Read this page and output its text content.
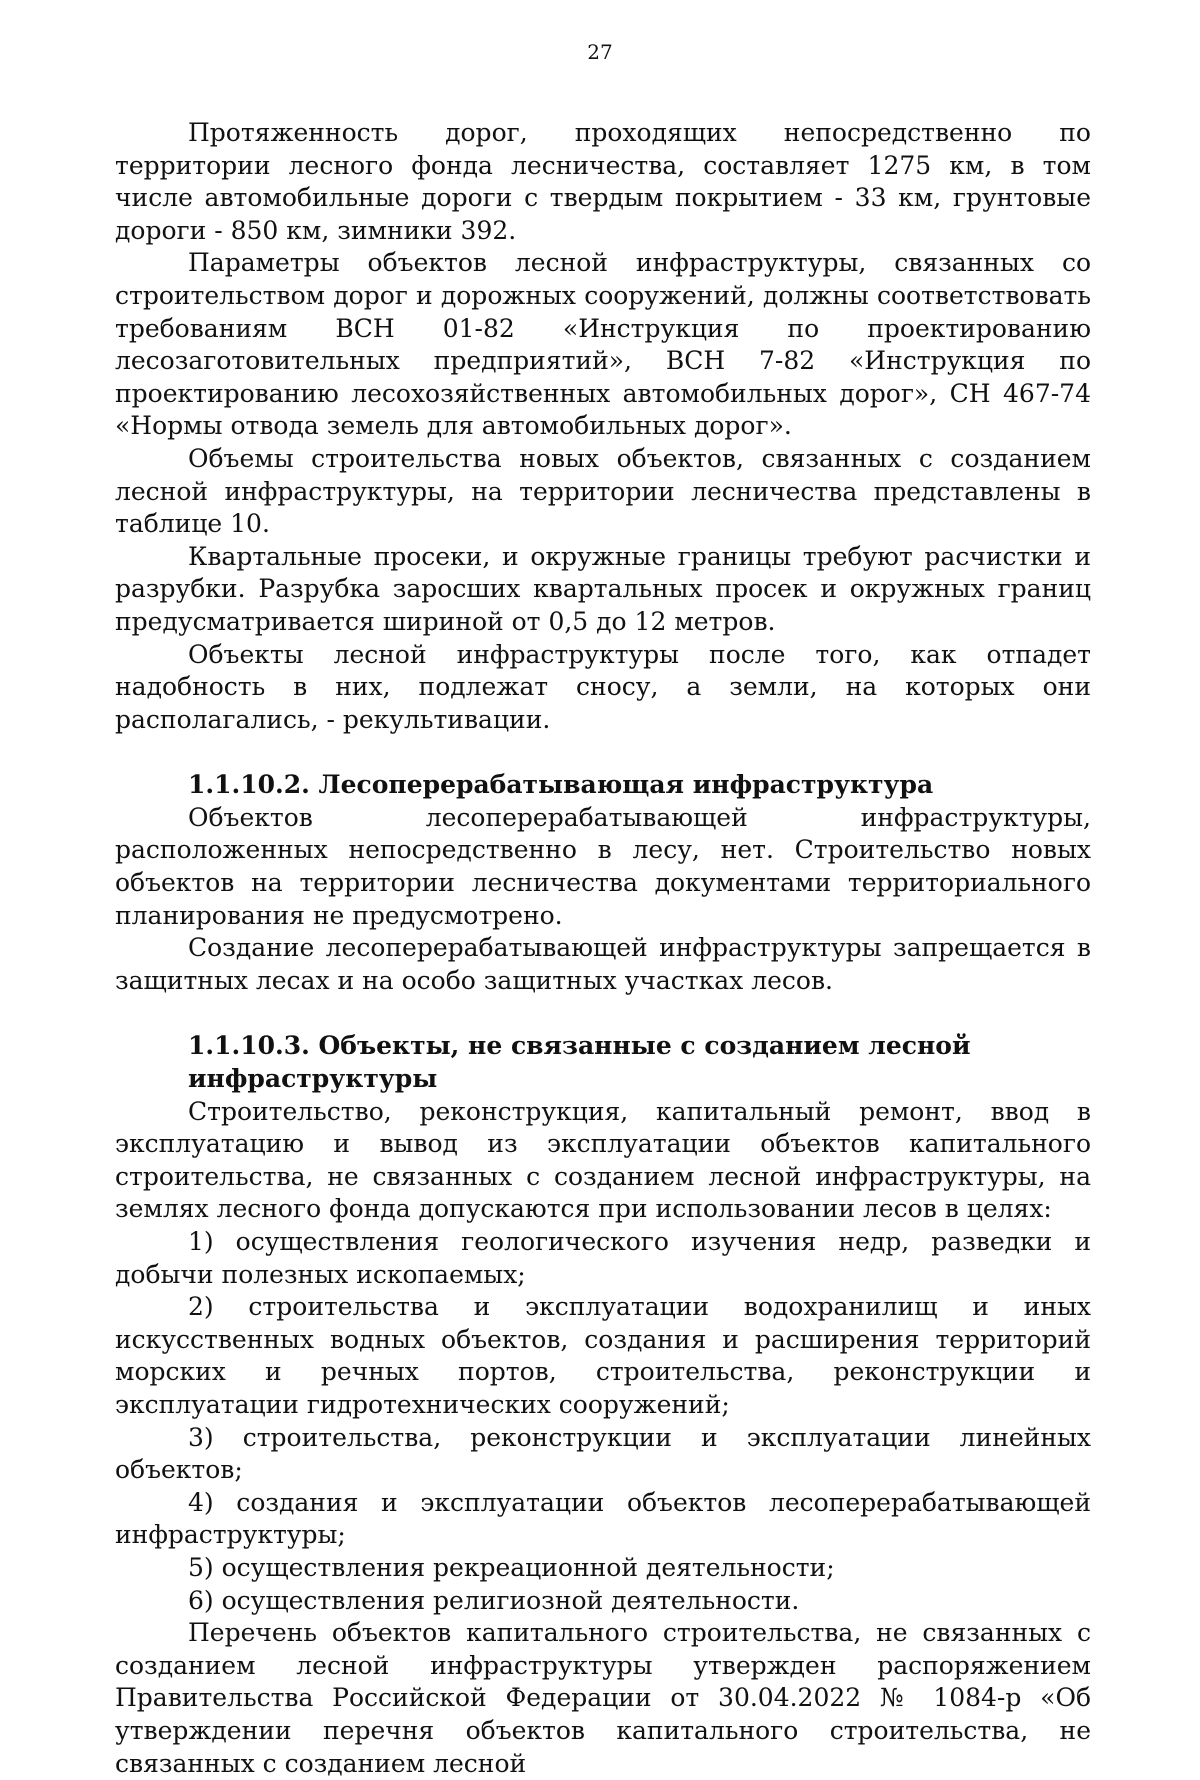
27

Протяженность дорог, проходящих непосредственно по территории лесного фонда лесничества, составляет 1275 км, в том числе автомобильные дороги с твердым покрытием - 33 км, грунтовые дороги - 850 км, зимники 392.

Параметры объектов лесной инфраструктуры, связанных со строительством дорог и дорожных сооружений, должны соответствовать требованиям ВСН 01-82 «Инструкция по проектированию лесозаготовительных предприятий», ВСН 7-82 «Инструкция по проектированию лесохозяйственных автомобильных дорог», СН 467-74 «Нормы отвода земель для автомобильных дорог».

Объемы строительства новых объектов, связанных с созданием лесной инфраструктуры, на территории лесничества представлены в таблице 10.

Квартальные просеки, и окружные границы требуют расчистки и разрубки. Разрубка заросших квартальных просек и окружных границ предусматривается шириной от 0,5 до 12 метров.

Объекты лесной инфраструктуры после того, как отпадет надобность в них, подлежат сносу, а земли, на которых они располагались, - рекультивации.

1.1.10.2. Лесоперерабатывающая инфраструктура

Объектов лесоперерабатывающей инфраструктуры, расположенных непосредственно в лесу, нет. Строительство новых объектов на территории лесничества документами территориального планирования не предусмотрено.

Создание лесоперерабатывающей инфраструктуры запрещается в защитных лесах и на особо защитных участках лесов.

1.1.10.3. Объекты, не связанные с созданием лесной инфраструктуры

Строительство, реконструкция, капитальный ремонт, ввод в эксплуатацию и вывод из эксплуатации объектов капитального строительства, не связанных с созданием лесной инфраструктуры, на землях лесного фонда допускаются при использовании лесов в целях:

1) осуществления геологического изучения недр, разведки и добычи полезных ископаемых;

2) строительства и эксплуатации водохранилищ и иных искусственных водных объектов, создания и расширения территорий морских и речных портов, строительства, реконструкции и эксплуатации гидротехнических сооружений;

3) строительства, реконструкции и эксплуатации линейных объектов;

4) создания и эксплуатации объектов лесоперерабатывающей инфраструктуры;

5) осуществления рекреационной деятельности;

6) осуществления религиозной деятельности.

Перечень объектов капитального строительства, не связанных с созданием лесной инфраструктуры утвержден распоряжением Правительства Российской Федерации от 30.04.2022 № 1084-р «Об утверждении перечня объектов капитального строительства, не связанных с созданием лесной
